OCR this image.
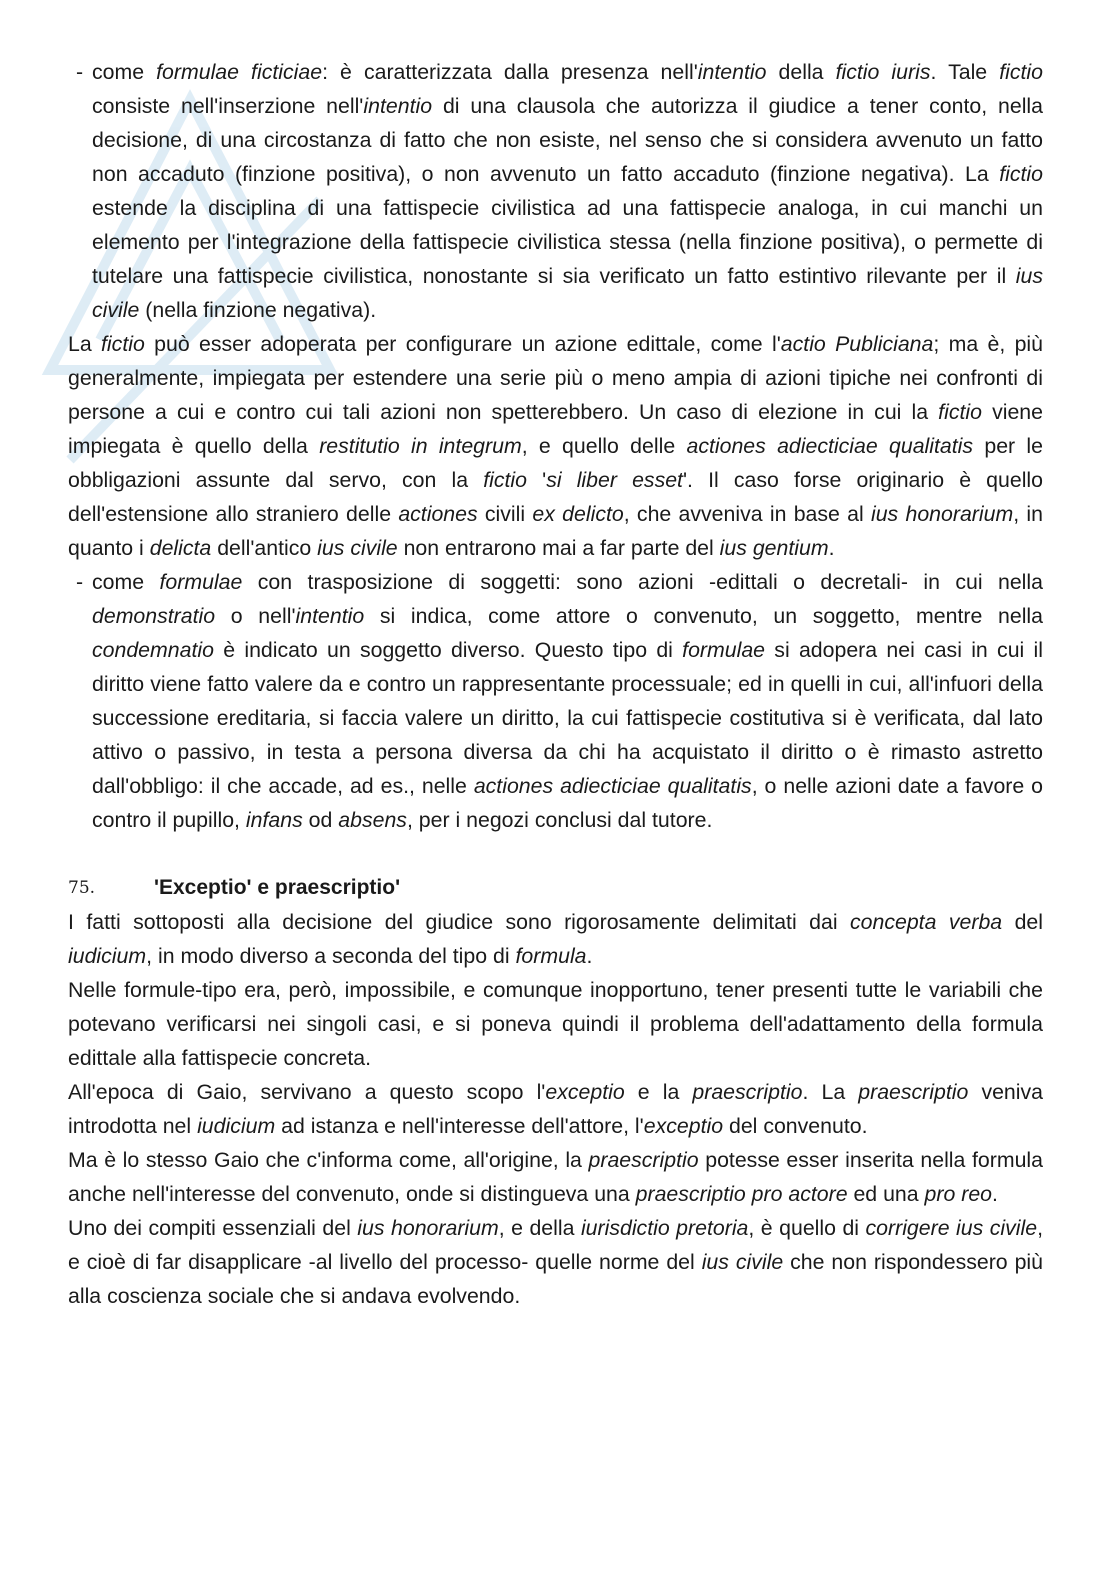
- come formulae ficticiae: è caratterizzata dalla presenza nell'intentio della fictio iuris. Tale fictio consiste nell'inserzione nell'intentio di una clausola che autorizza il giudice a tener conto, nella decisione, di una circostanza di fatto che non esiste, nel senso che si considera avvenuto un fatto non accaduto (finzione positiva), o non avvenuto un fatto accaduto (finzione negativa). La fictio estende la disciplina di una fattispecie civilistica ad una fattispecie analoga, in cui manchi un elemento per l'integrazione della fattispecie civilistica stessa (nella finzione positiva), o permette di tutelare una fattispecie civilistica, nonostante si sia verificato un fatto estintivo rilevante per il ius civile (nella finzione negativa).

La fictio può esser adoperata per configurare un azione edittale, come l'actio Publiciana; ma è, più generalmente, impiegata per estendere una serie più o meno ampia di azioni tipiche nei confronti di persone a cui e contro cui tali azioni non spetterebbero. Un caso di elezione in cui la fictio viene impiegata è quello della restitutio in integrum, e quello delle actiones adiecticiae qualitatis per le obbligazioni assunte dal servo, con la fictio 'si liber esset'. Il caso forse originario è quello dell'estensione allo straniero delle actiones civili ex delicto, che avveniva in base al ius honorarium, in quanto i delicta dell'antico ius civile non entrarono mai a far parte del ius gentium.

- come formulae con trasposizione di soggetti: sono azioni -edittali o decretali- in cui nella demonstratio o nell'intentio si indica, come attore o convenuto, un soggetto, mentre nella condemnatio è indicato un soggetto diverso. Questo tipo di formulae si adopera nei casi in cui il diritto viene fatto valere da e contro un rappresentante processuale; ed in quelli in cui, all'infuori della successione ereditaria, si faccia valere un diritto, la cui fattispecie costitutiva si è verificata, dal lato attivo o passivo, in testa a persona diversa da chi ha acquistato il diritto o è rimasto astretto dall'obbligo: il che accade, ad es., nelle actiones adiecticiae qualitatis, o nelle azioni date a favore o contro il pupillo, infans od absens, per i negozi conclusi dal tutore.

75.	'Exceptio' e praescriptio'

I fatti sottoposti alla decisione del giudice sono rigorosamente delimitati dai concepta verba del iudicium, in modo diverso a seconda del tipo di formula.

Nelle formule-tipo era, però, impossibile, e comunque inopportuno, tener presenti tutte le variabili che potevano verificarsi nei singoli casi, e si poneva quindi il problema dell'adattamento della formula edittale alla fattispecie concreta.

All'epoca di Gaio, servivano a questo scopo l'exceptio e la praescriptio. La praescriptio veniva introdotta nel iudicium ad istanza e nell'interesse dell'attore, l'exceptio del convenuto.

Ma è lo stesso Gaio che c'informa come, all'origine, la praescriptio potesse esser inserita nella formula anche nell'interesse del convenuto, onde si distingueva una praescriptio pro actore ed una pro reo.

Uno dei compiti essenziali del ius honorarium, e della iurisdictio pretoria, è quello di corrigere ius civile, e cioè di far disapplicare -al livello del processo- quelle norme del ius civile che non rispondessero più alla coscienza sociale che si andava evolvendo.
